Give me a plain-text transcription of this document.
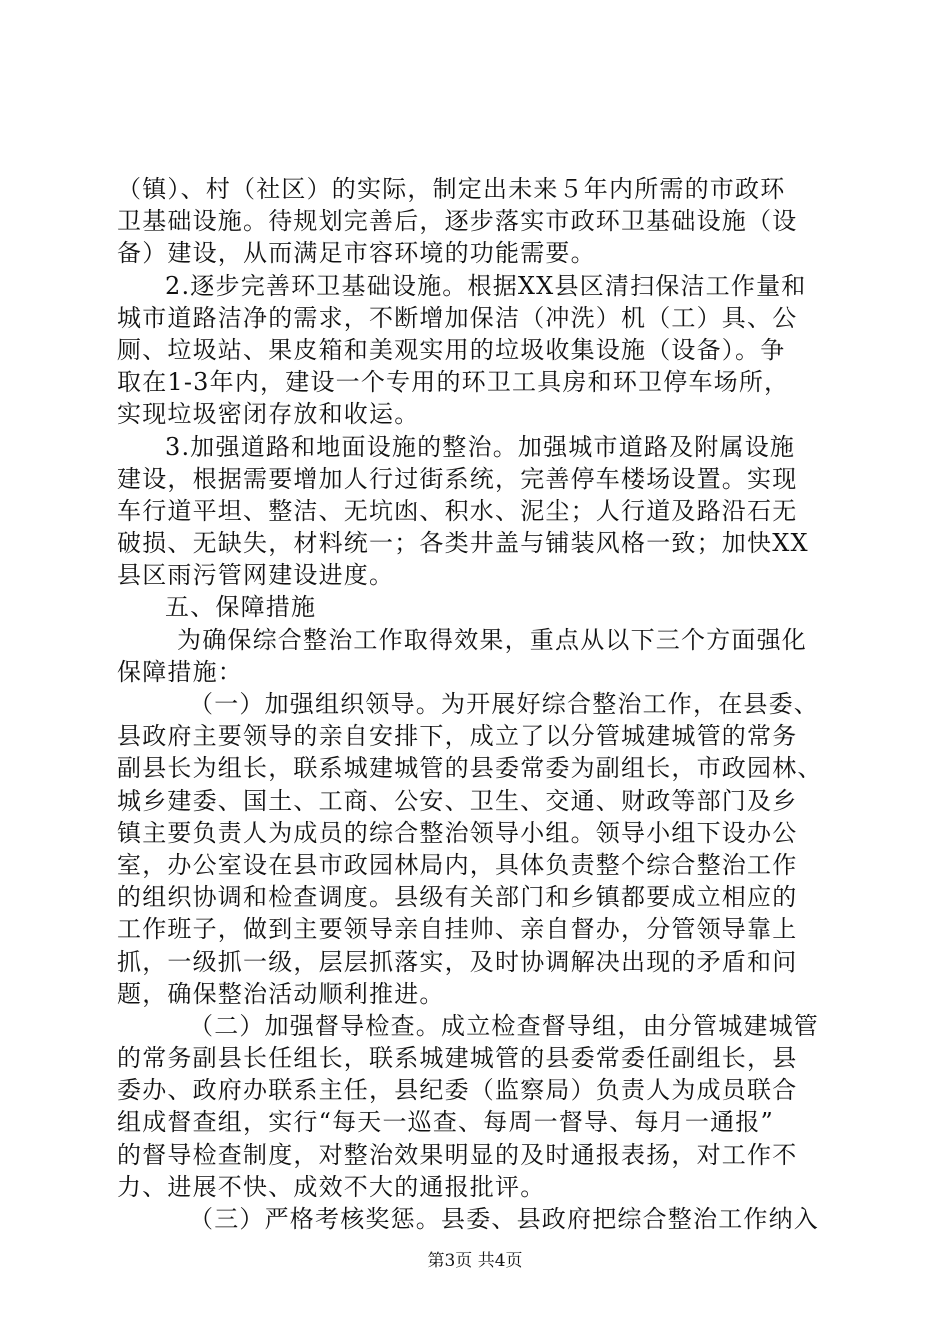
（镇）、村（社区）的实际，制定出未来５年内所需的市政环
卫基础设施。待规划完善后，逐步落实市政环卫基础设施（设
备）建设，从而满足市容环境的功能需要。
2.逐步完善环卫基础设施。根据XX县区清扫保洁工作量和
城市道路洁净的需求，不断增加保洁（冲洗）机（工）具、公
厕、垃圾站、果皮箱和美观实用的垃圾收集设施（设备）。争
取在1-3年内，建设一个专用的环卫工具房和环卫停车场所，
实现垃圾密闭存放和收运。
3.加强道路和地面设施的整治。加强城市道路及附属设施
建设，根据需要增加人行过街系统，完善停车楼场设置。实现
车行道平坦、整洁、无坑凼、积水、泥尘；人行道及路沿石无
破损、无缺失，材料统一；各类井盖与铺装风格一致；加快XX
县区雨污管网建设进度。
五、保障措施
为确保综合整治工作取得效果，重点从以下三个方面强化
保障措施：
（一）加强组织领导。为开展好综合整治工作，在县委、
县政府主要领导的亲自安排下，成立了以分管城建城管的常务
副县长为组长，联系城建城管的县委常委为副组长，市政园林、
城乡建委、国土、工商、公安、卫生、交通、财政等部门及乡
镇主要负责人为成员的综合整治领导小组。领导小组下设办公
室，办公室设在县市政园林局内，具体负责整个综合整治工作
的组织协调和检查调度。县级有关部门和乡镇都要成立相应的
工作班子，做到主要领导亲自挂帅、亲自督办，分管领导靠上
抓，一级抓一级，层层抓落实，及时协调解决出现的矛盾和问
题，确保整治活动顺利推进。
（二）加强督导检查。成立检查督导组，由分管城建城管
的常务副县长任组长，联系城建城管的县委常委任副组长，县
委办、政府办联系主任，县纪委（监察局）负责人为成员联合
组成督查组，实行“每天一巡查、每周一督导、每月一通报”
的督导检查制度，对整治效果明显的及时通报表扬，对工作不
力、进展不快、成效不大的通报批评。
（三）严格考核奖惩。县委、县政府把综合整治工作纳入
第3页 共4页
